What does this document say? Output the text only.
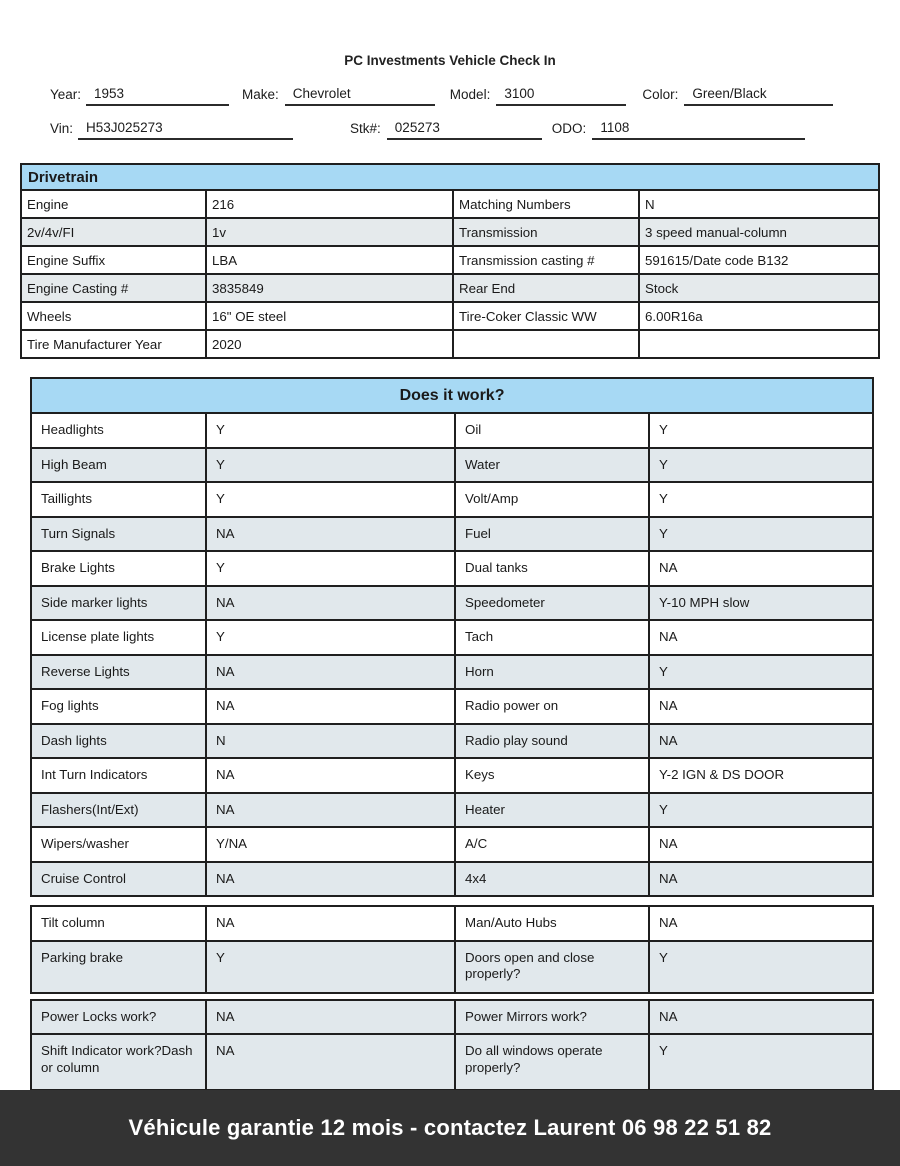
PC Investments Vehicle Check In
Year: 1953	Make:	Chevrolet	Model:	3100	Color:	Green/Black
Vin: H53J025273	Stk#:	025273	ODO:	1108
Drivetrain			
Engine	216	Matching Numbers	N
2v/4v/FI	1v	Transmission	3 speed manual-column
Engine Suffix	LBA	Transmission casting #	591615/Date code B132
Engine Casting #	3835849	Rear End	Stock
Wheels	16" OE steel	Tire-Coker Classic WW	6.00R16a
Tire Manufacturer Year	2020		
Does it work?			
Headlights	Y	Oil	Y
High Beam	Y	Water	Y
Taillights	Y	Volt/Amp	Y
Turn Signals	NA	Fuel	Y
Brake Lights	Y	Dual tanks	NA
Side marker lights	NA	Speedometer	Y-10 MPH slow
License plate lights	Y	Tach	NA
Reverse Lights	NA	Horn	Y
Fog lights	NA	Radio power on	NA
Dash lights	N	Radio play sound	NA
Int Turn Indicators	NA	Keys	Y-2 IGN & DS DOOR
Flashers(Int/Ext)	NA	Heater	Y
Wipers/washer	Y/NA	A/C	NA
Cruise Control	NA	4x4	NA
Tilt column	NA	Man/Auto Hubs	NA
Parking brake	Y	Doors open and close properly?	Y
Power Locks work?	NA	Power Mirrors work?	NA
Shift Indicator work?Dash or column	NA	Do all windows operate properly?	Y
Véhicule garantie 12 mois - contactez Laurent 06 98 22 51 82
